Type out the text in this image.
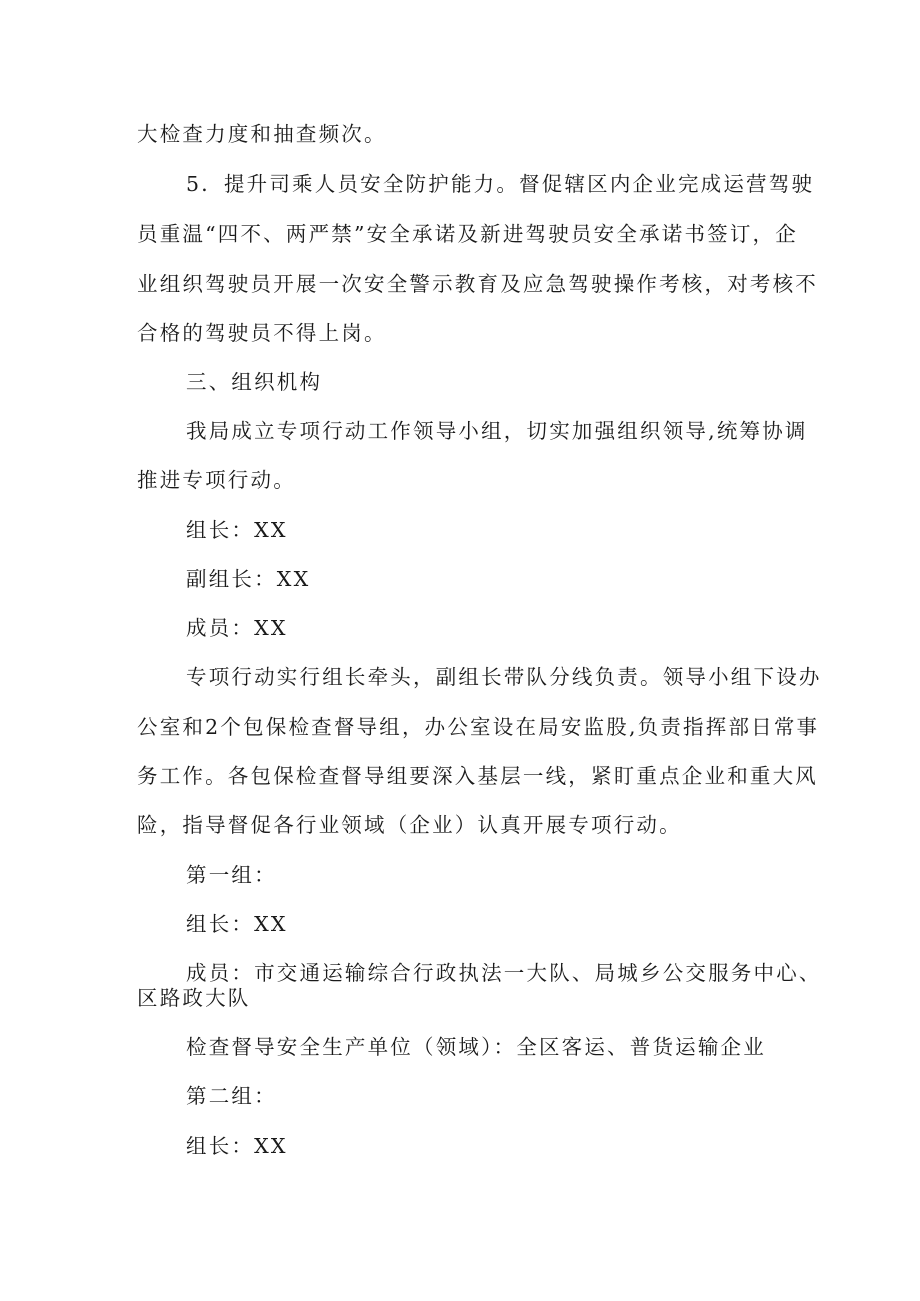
大检查力度和抽查频次。
5．提升司乘人员安全防护能力。督促辖区内企业完成运营驾驶
员重温“四不、两严禁”安全承诺及新进驾驶员安全承诺书签订，企
业组织驾驶员开展一次安全警示教育及应急驾驶操作考核，对考核不
合格的驾驶员不得上岗。
三、组织机构
我局成立专项行动工作领导小组，切实加强组织领导,统筹协调
推进专项行动。
组长：XX
副组长：XX
成员：XX
专项行动实行组长牵头，副组长带队分线负责。领导小组下设办
公室和2个包保检查督导组，办公室设在局安监股,负责指挥部日常事
务工作。各包保检查督导组要深入基层一线，紧盯重点企业和重大风
险，指导督促各行业领域（企业）认真开展专项行动。
第一组：
组长：XX
成员：市交通运输综合行政执法一大队、局城乡公交服务中心、
区路政大队
检查督导安全生产单位（领域）：全区客运、普货运输企业
第二组：
组长：XX
